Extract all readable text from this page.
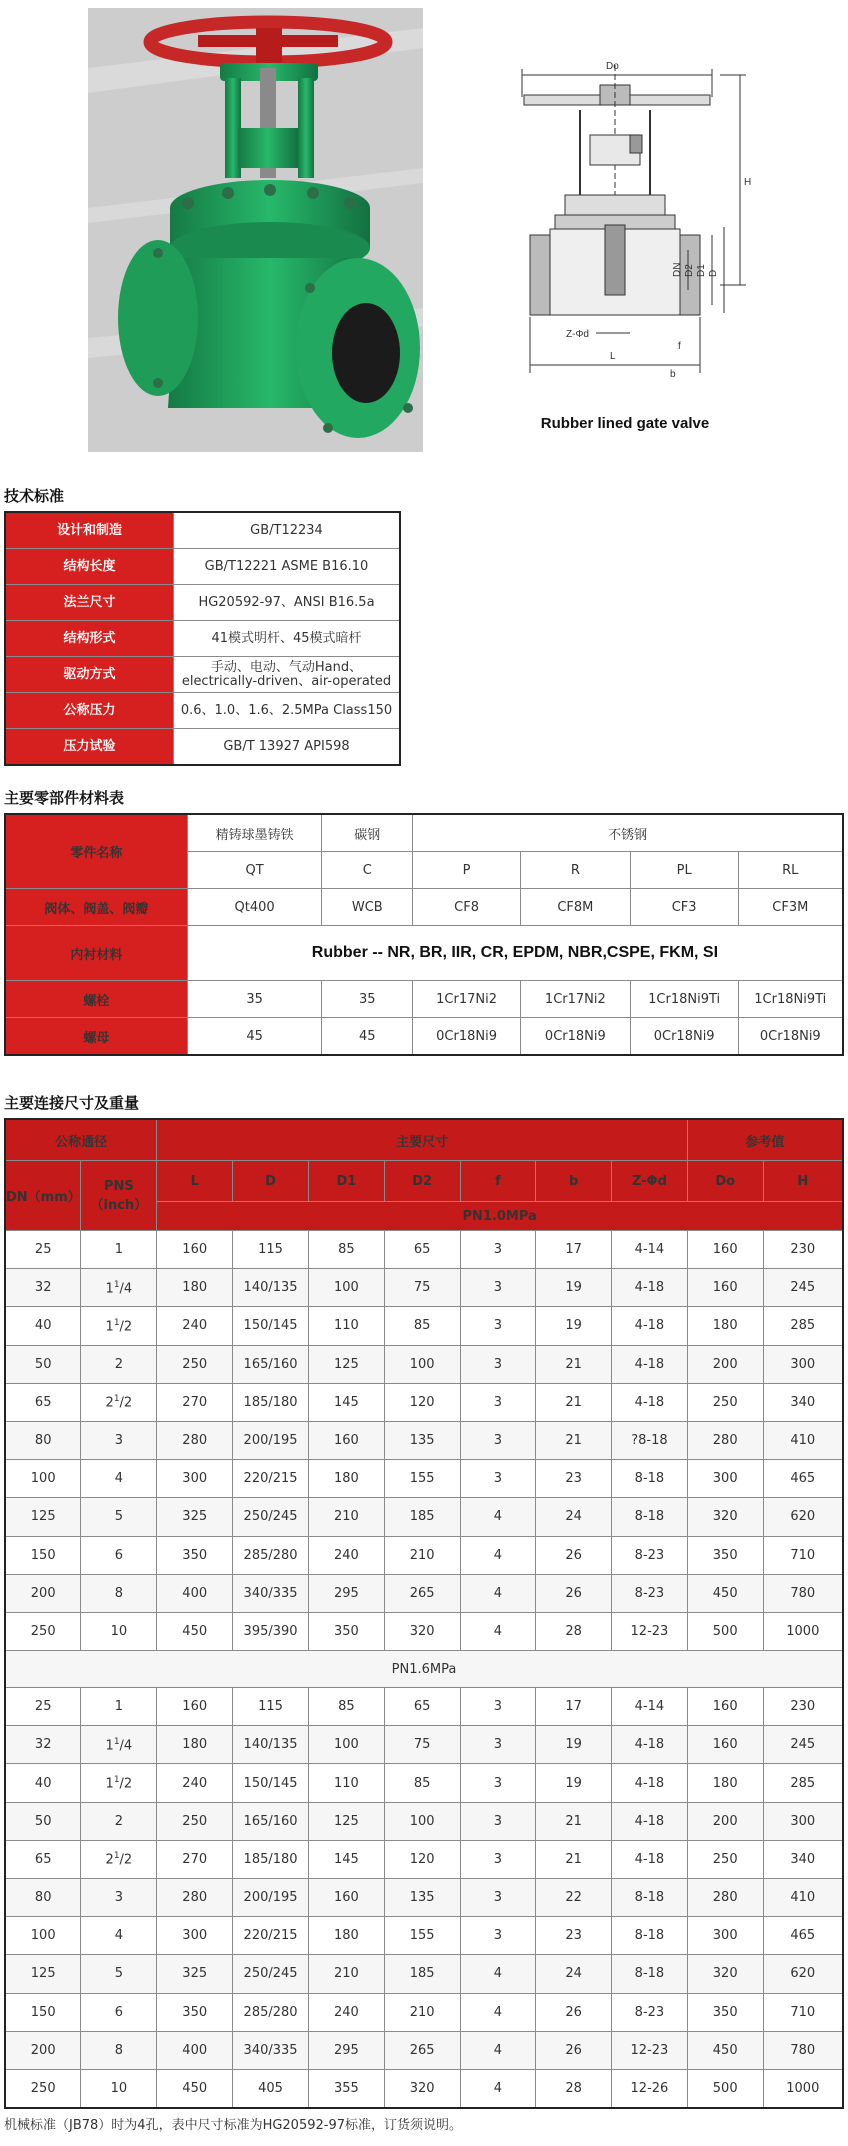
Do
H
DN D2 D1 D
Z-Φd
f
L
b
Rubber lined gate valve
技术标准
设计和制造	GB/T12234
结构长度	GB/T12221 ASME B16.10
法兰尺寸	HG20592-97、ANSI B16.5a
结构形式	41模式明杆、45模式暗杆
驱动方式	手动、电动、气动Hand、electrically-driven、air-operated
公称压力	0.6、1.0、1.6、2.5MPa Class150
压力试验	GB/T 13927 API598
主要零部件材料表
零件名称	精铸球墨铸铁	碳钢	不锈钢			
	QT	C	P	R	PL	RL
阀体、阀盖、阀瓣	Qt400	WCB	CF8	CF8M	CF3	CF3M
内衬材料	Rubber -- NR, BR, IIR, CR, EPDM, NBR,CSPE, FKM, SI					
螺栓	35	35	1Cr17Ni2	1Cr17Ni2	1Cr18Ni9Ti	1Cr18Ni9Ti
螺母	45	45	0Cr18Ni9	0Cr18Ni9	0Cr18Ni9	0Cr18Ni9
主要连接尺寸及重量
公称通径		主要尺寸							参考值	
DN（mm）	PNS（inch）	L	D	D1	D2	f	b	Z-Φd	Do	H
		PN1.0MPa								
25	1	160	115	85	65	3	17	4-14	160	230
32	$1^1/4$	180	140/135	100	75	3	19	4-18	160	245
40	$1^1/2$	240	150/145	110	85	3	19	4-18	180	285
50	2	250	165/160	125	100	3	21	4-18	200	300
65	$2^1/2$	270	185/180	145	120	3	21	4-18	250	340
80	3	280	200/195	160	135	3	21	?8-18	280	410
100	4	300	220/215	180	155	3	23	8-18	300	465
125	5	325	250/245	210	185	4	24	8-18	320	620
150	6	350	285/280	240	210	4	26	8-23	350	710
200	8	400	340/335	295	265	4	26	8-23	450	780
250	10	450	395/390	350	320	4	28	12-23	500	1000
PN1.6MPa										
25	1	160	115	85	65	3	17	4-14	160	230
32	$1^1/4$	180	140/135	100	75	3	19	4-18	160	245
40	$1^1/2$	240	150/145	110	85	3	19	4-18	180	285
50	2	250	165/160	125	100	3	21	4-18	200	300
65	$2^1/2$	270	185/180	145	120	3	21	4-18	250	340
80	3	280	200/195	160	135	3	22	8-18	280	410
100	4	300	220/215	180	155	3	23	8-18	300	465
125	5	325	250/245	210	185	4	24	8-18	320	620
150	6	350	285/280	240	210	4	26	8-23	350	710
200	8	400	340/335	295	265	4	26	12-23	450	780
250	10	450	405	355	320	4	28	12-26	500	1000
机械标准（JB78）时为4孔，表中尺寸标准为HG20592-97标准，订货须说明。
